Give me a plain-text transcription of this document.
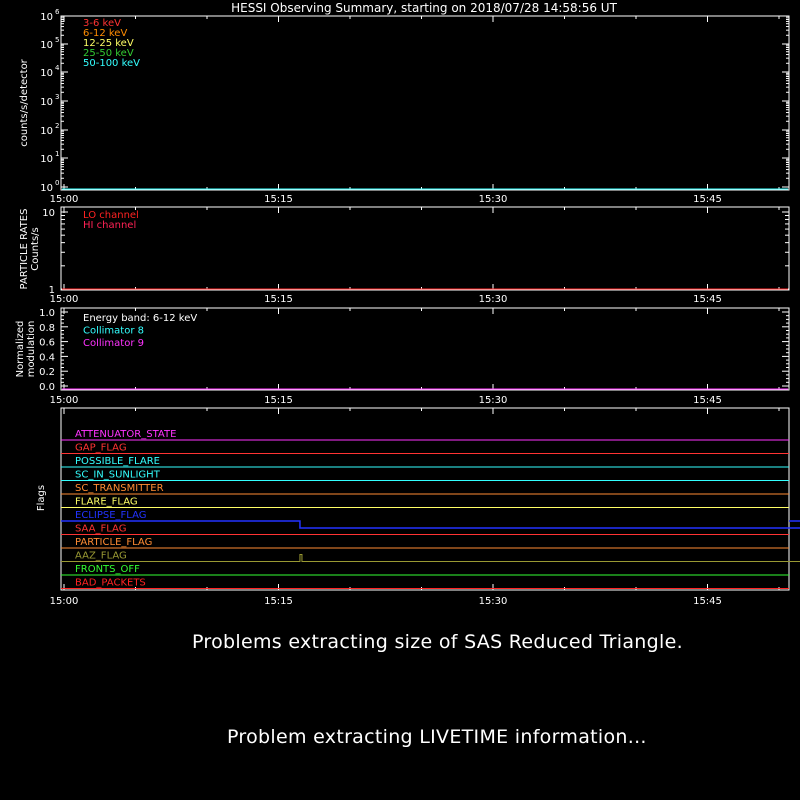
HESSI Observing Summary, starting on 2018/07/28 14:58:56 UT
counts/s/detector
15:00	15:15	15:30	15:45
10 0
10 1
10 2
10 3
10 4
10 5
10 6
3-6 keV
6-12 keV
12-25 keV
25-50 keV
50-100 keV
PARTICLE RATES Counts/s
15:00	15:15	15:30	15:45
10
1
LO channel
HI channel
Normalized modulation
15:00	15:15	15:30	15:45
1.0
0.8
0.6
0.4
0.2
0.0
Energy band: 6-12 keV
Collimator 8
Collimator 9
Flags
15:00	15:15	15:30	15:45
ATTENUATOR_STATE
GAP_FLAG
POSSIBLE_FLARE
SC_IN_SUNLIGHT
SC_TRANSMITTER
FLARE_FLAG
ECLIPSE_FLAG
SAA_FLAG
PARTICLE_FLAG
AAZ_FLAG
FRONTS_OFF
BAD_PACKETS
Problems extracting size of SAS Reduced Triangle.
Problem extracting LIVETIME information...
